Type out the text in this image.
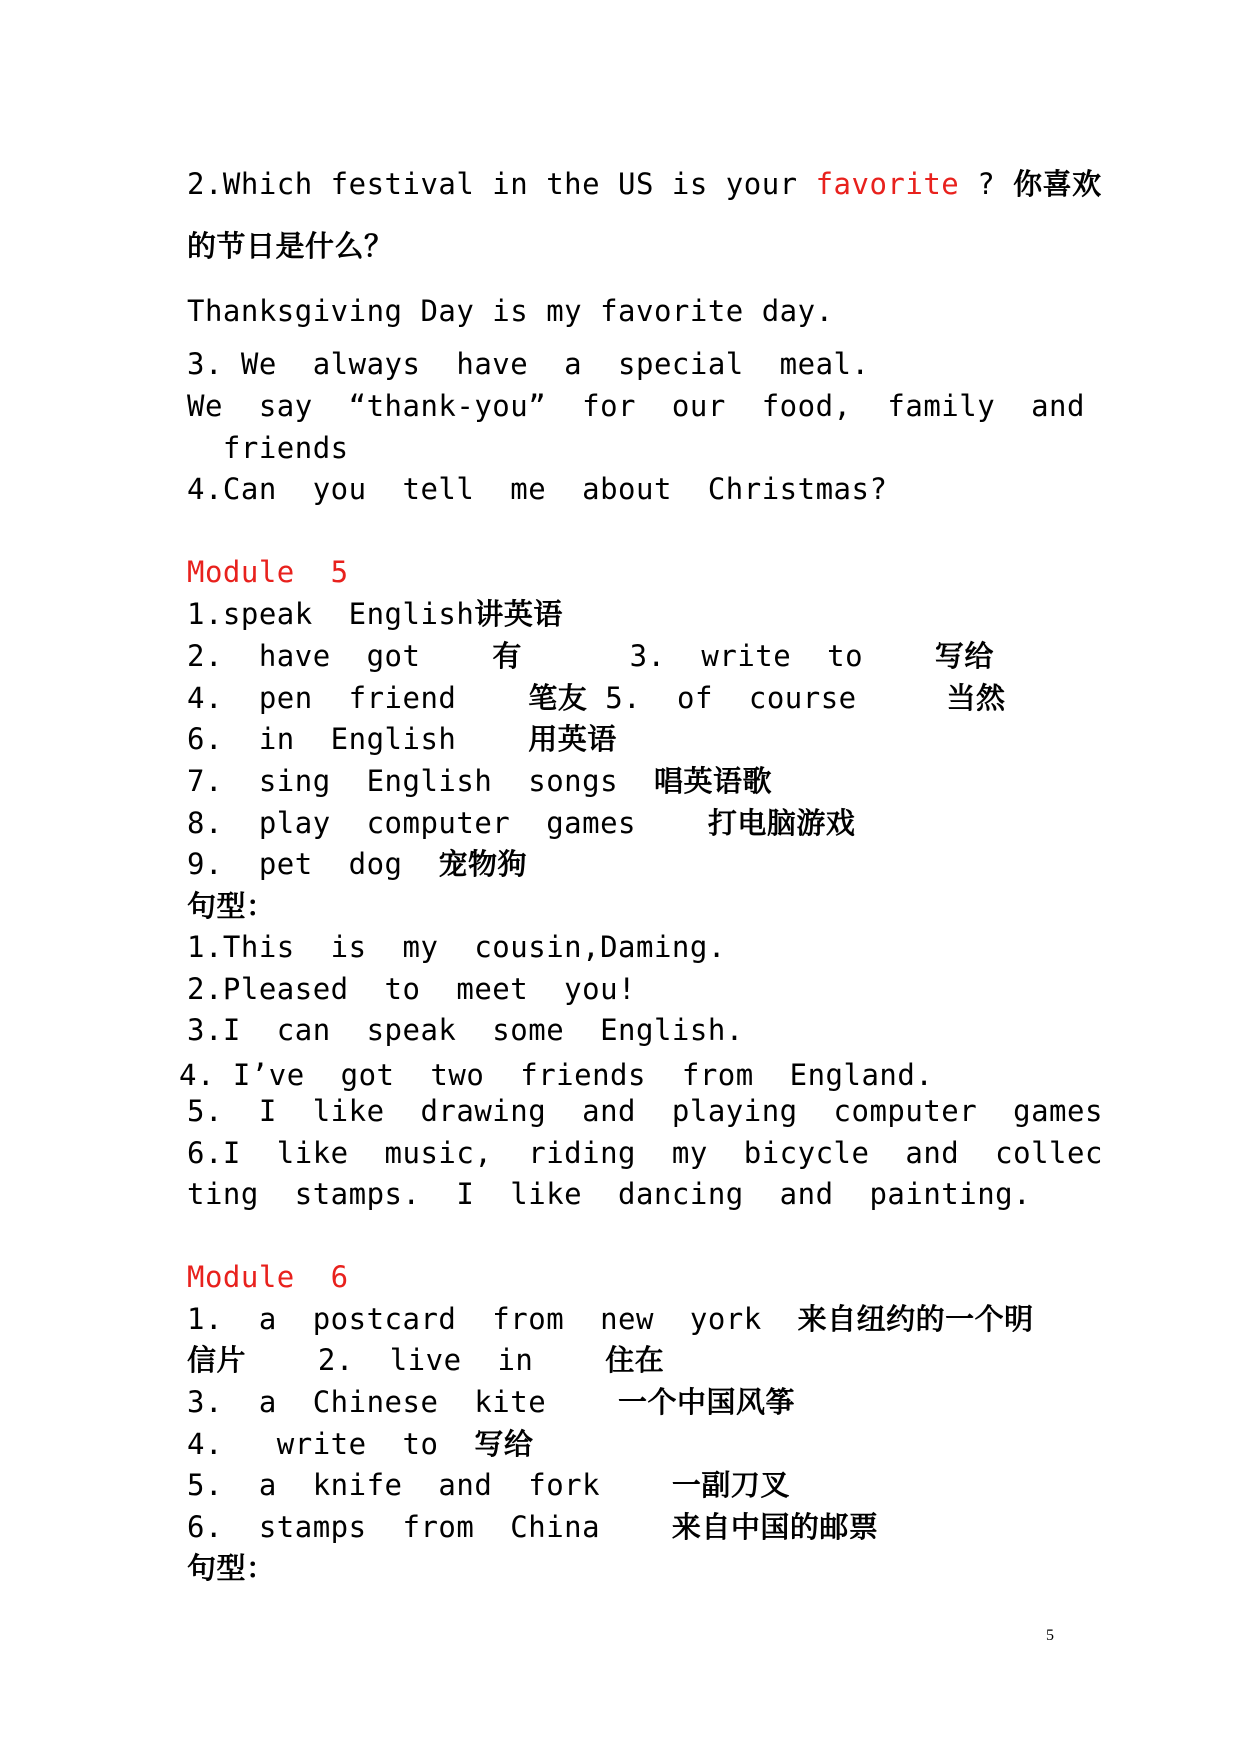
2.Which festival in the US is your favorite ? 你喜欢
的节日是什么？
Thanksgiving Day is my favorite day.
3. We  always  have  a  special  meal.
We  say  “thank-you”  for  our  food,  family  and
friends
4.Can  you  tell  me  about  Christmas?
Module  5
1.speak  English讲英语
2.  have  got    有      3.  write  to    写给
4.  pen  friend    笔友 5.  of  course     当然
6.  in  English    用英语
7.  sing  English  songs  唱英语歌
8.  play  computer  games    打电脑游戏
9.  pet  dog  宠物狗
句型：
1.This  is  my  cousin,Daming.
2.Pleased  to  meet  you!
3.I  can  speak  some  English.
4. I’ve  got  two  friends  from  England.
5.  I  like  drawing  and  playing  computer  games
6.I  like  music,  riding  my  bicycle  and  collec
ting  stamps.  I  like  dancing  and  painting.
Module  6
1.  a  postcard  from  new  york  来自纽约的一个明
信片    2.  live  in    住在
3.  a  Chinese  kite    一个中国风筝
4.   write  to  写给
5.  a  knife  and  fork    一副刀叉
6.  stamps  from  China    来自中国的邮票
句型：
5
